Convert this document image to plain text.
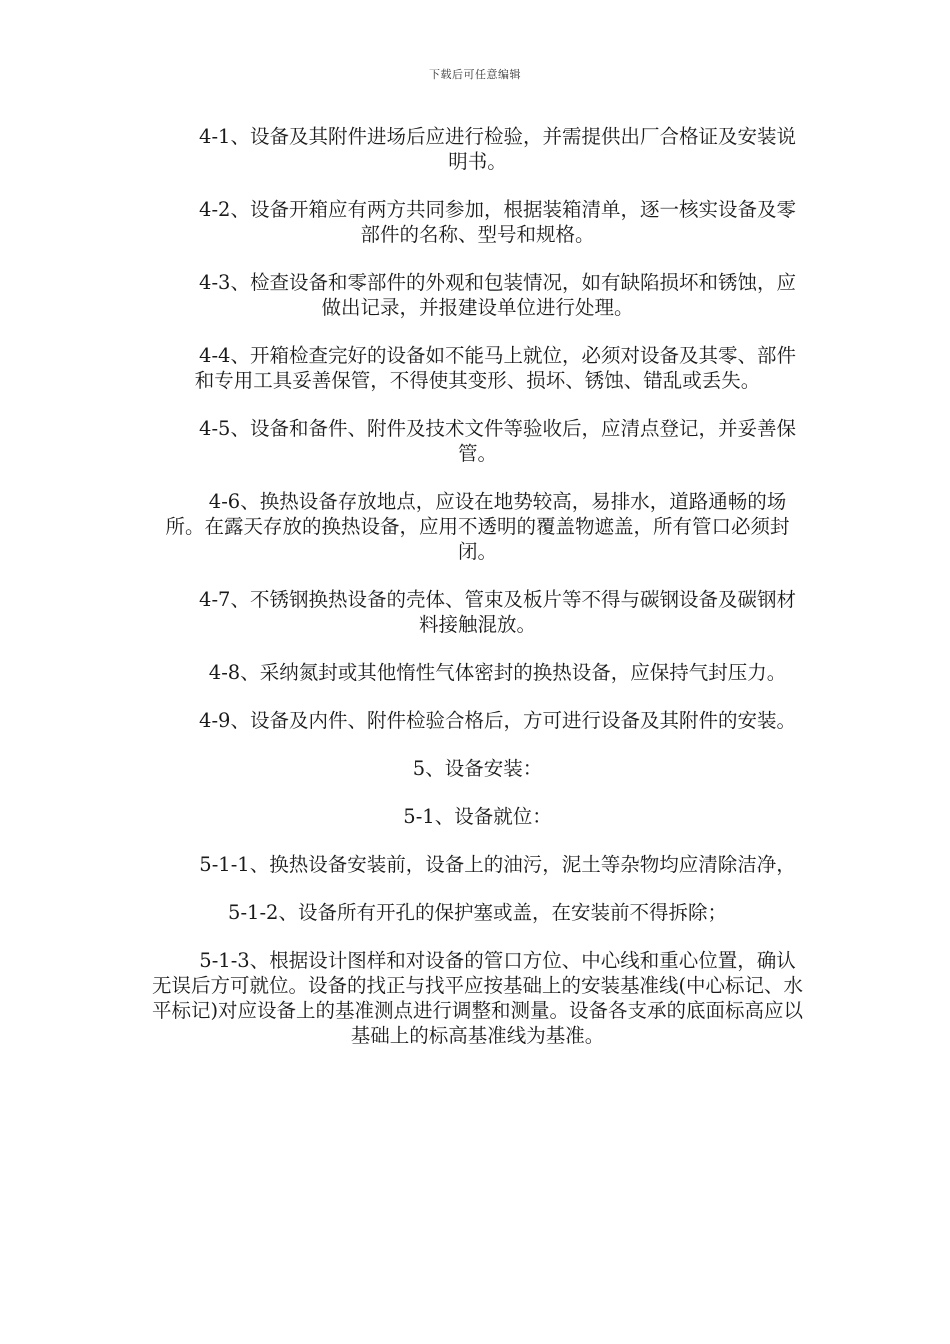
下载后可任意编辑

4-1、设备及其附件进场后应进行检验，并需提供出厂合格证及安装说明书。

4-2、设备开箱应有两方共同参加，根据装箱清单，逐一核实设备及零部件的名称、型号和规格。

4-3、检查设备和零部件的外观和包装情况，如有缺陷损坏和锈蚀，应做出记录，并报建设单位进行处理。

4-4、开箱检查完好的设备如不能马上就位，必须对设备及其零、部件和专用工具妥善保管，不得使其变形、损坏、锈蚀、错乱或丢失。

4-5、设备和备件、附件及技术文件等验收后，应清点登记，并妥善保管。

4-6、换热设备存放地点，应设在地势较高，易排水，道路通畅的场所。在露天存放的换热设备，应用不透明的覆盖物遮盖，所有管口必须封闭。

4-7、不锈钢换热设备的壳体、管束及板片等不得与碳钢设备及碳钢材料接触混放。

4-8、采纳氮封或其他惰性气体密封的换热设备，应保持气封压力。

4-9、设备及内件、附件检验合格后，方可进行设备及其附件的安装。

5、设备安装：

5-1、设备就位：

5-1-1、换热设备安装前，设备上的油污，泥土等杂物均应清除洁净，

5-1-2、设备所有开孔的保护塞或盖，在安装前不得拆除；

5-1-3、根据设计图样和对设备的管口方位、中心线和重心位置，确认无误后方可就位。设备的找正与找平应按基础上的安装基准线(中心标记、水平标记)对应设备上的基准测点进行调整和测量。设备各支承的底面标高应以基础上的标高基准线为基准。
